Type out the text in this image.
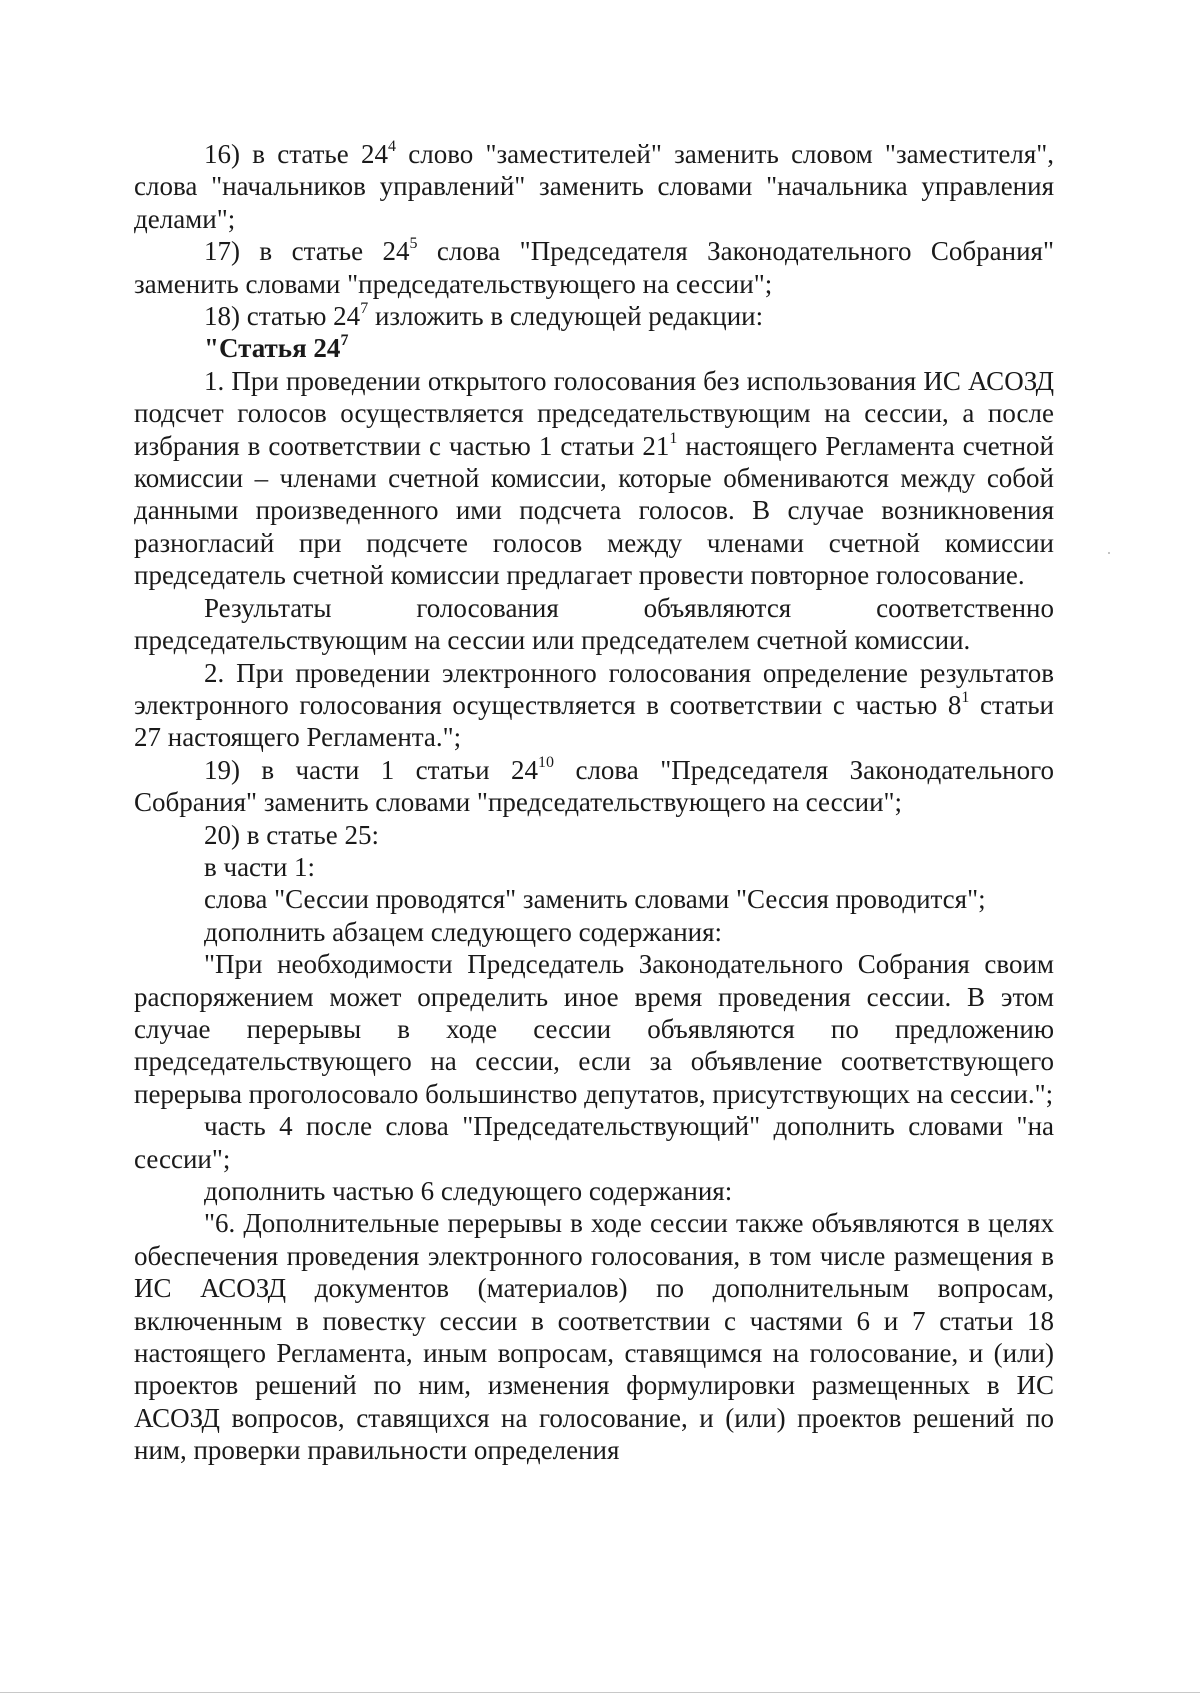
16) в статье $24^4$ слово "заместителей" заменить словом "заместителя", слова "начальников управлений" заменить словами "начальника управления делами";

17) в статье $24^5$ слова "Председателя Законодательного Собрания" заменить словами "председательствующего на сессии";

18) статью $24^7$ изложить в следующей редакции:

"Статья $24^7$

1. При проведении открытого голосования без использования ИС АСОЗД подсчет голосов осуществляется председательствующим на сессии, а после избрания в соответствии с частью 1 статьи $21^1$ настоящего Регламента счетной комиссии – членами счетной комиссии, которые обмениваются между собой данными произведенного ими подсчета голосов. В случае возникновения разногласий при подсчете голосов между членами счетной комиссии председатель счетной комиссии предлагает провести повторное голосование.

Результаты голосования объявляются соответственно председательствующим на сессии или председателем счетной комиссии.

2. При проведении электронного голосования определение результатов электронного голосования осуществляется в соответствии с частью $8^1$ статьи 27 настоящего Регламента.";

19) в части 1 статьи $24^{10}$ слова "Председателя Законодательного Собрания" заменить словами "председательствующего на сессии";

20) в статье 25:

в части 1:

слова "Сессии проводятся" заменить словами "Сессия проводится";

дополнить абзацем следующего содержания:

"При необходимости Председатель Законодательного Собрания своим распоряжением может определить иное время проведения сессии. В этом случае перерывы в ходе сессии объявляются по предложению председательствующего на сессии, если за объявление соответствующего перерыва проголосовало большинство депутатов, присутствующих на сессии.";

часть 4 после слова "Председательствующий" дополнить словами "на сессии";

дополнить частью 6 следующего содержания:

"6. Дополнительные перерывы в ходе сессии также объявляются в целях обеспечения проведения электронного голосования, в том числе размещения в ИС АСОЗД документов (материалов) по дополнительным вопросам, включенным в повестку сессии в соответствии с частями 6 и 7 статьи 18 настоящего Регламента, иным вопросам, ставящимся на голосование, и (или) проектов решений по ним, изменения формулировки размещенных в ИС АСОЗД вопросов, ставящихся на голосование, и (или) проектов решений по ним, проверки правильности определения
